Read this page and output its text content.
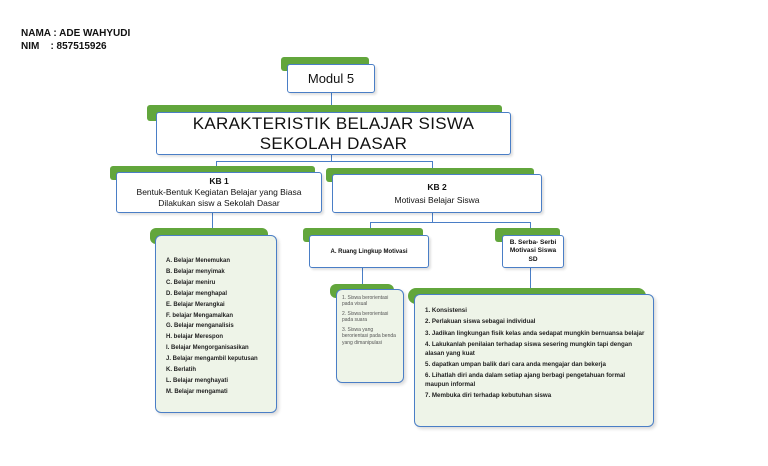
NAMA : ADE WAHYUDI
NIM    : 857515926
Modul 5
KARAKTERISTIK BELAJAR SISWA
SEKOLAH DASAR
KB 1
Bentuk-Bentuk Kegiatan Belajar yang Biasa
Dilakukan sisw a Sekolah Dasar
KB 2
Motivasi Belajar Siswa
A. Belajar Menemukan
B. Belajar menyimak
C. Belajar meniru
D. Belajar menghapal
E. Belajar Merangkai
F. belajar Mengamalkan
G. Belajar menganalisis
H. belajar Merespon
I. Belajar Mengorganisasikan
J. Belajar mengambil keputusan
K. Berlatih
L. Belajar menghayati
M. Belajar mengamati
A. Ruang Lingkup Motivasi
1. Siswa berorientasi pada visual
2. Siswa berorientasi pada suara
3. Siswa yang berorientasi pada benda yang dimanipulasi
B. Serba- Serbi
Motivasi Siswa
SD
1. Konsistensi
2. Perlakuan siswa sebagai individual
3. Jadikan lingkungan fisik kelas anda sedapat mungkin bernuansa belajar
4. Lakukanlah penilaian terhadap siswa sesering mungkin tapi dengan alasan yang kuat
5. dapatkan umpan balik dari cara anda mengajar dan bekerja
6. Lihatlah diri anda dalam setiap ajang berbagi pengetahuan formal maupun informal
7. Membuka diri terhadap kebutuhan siswa
